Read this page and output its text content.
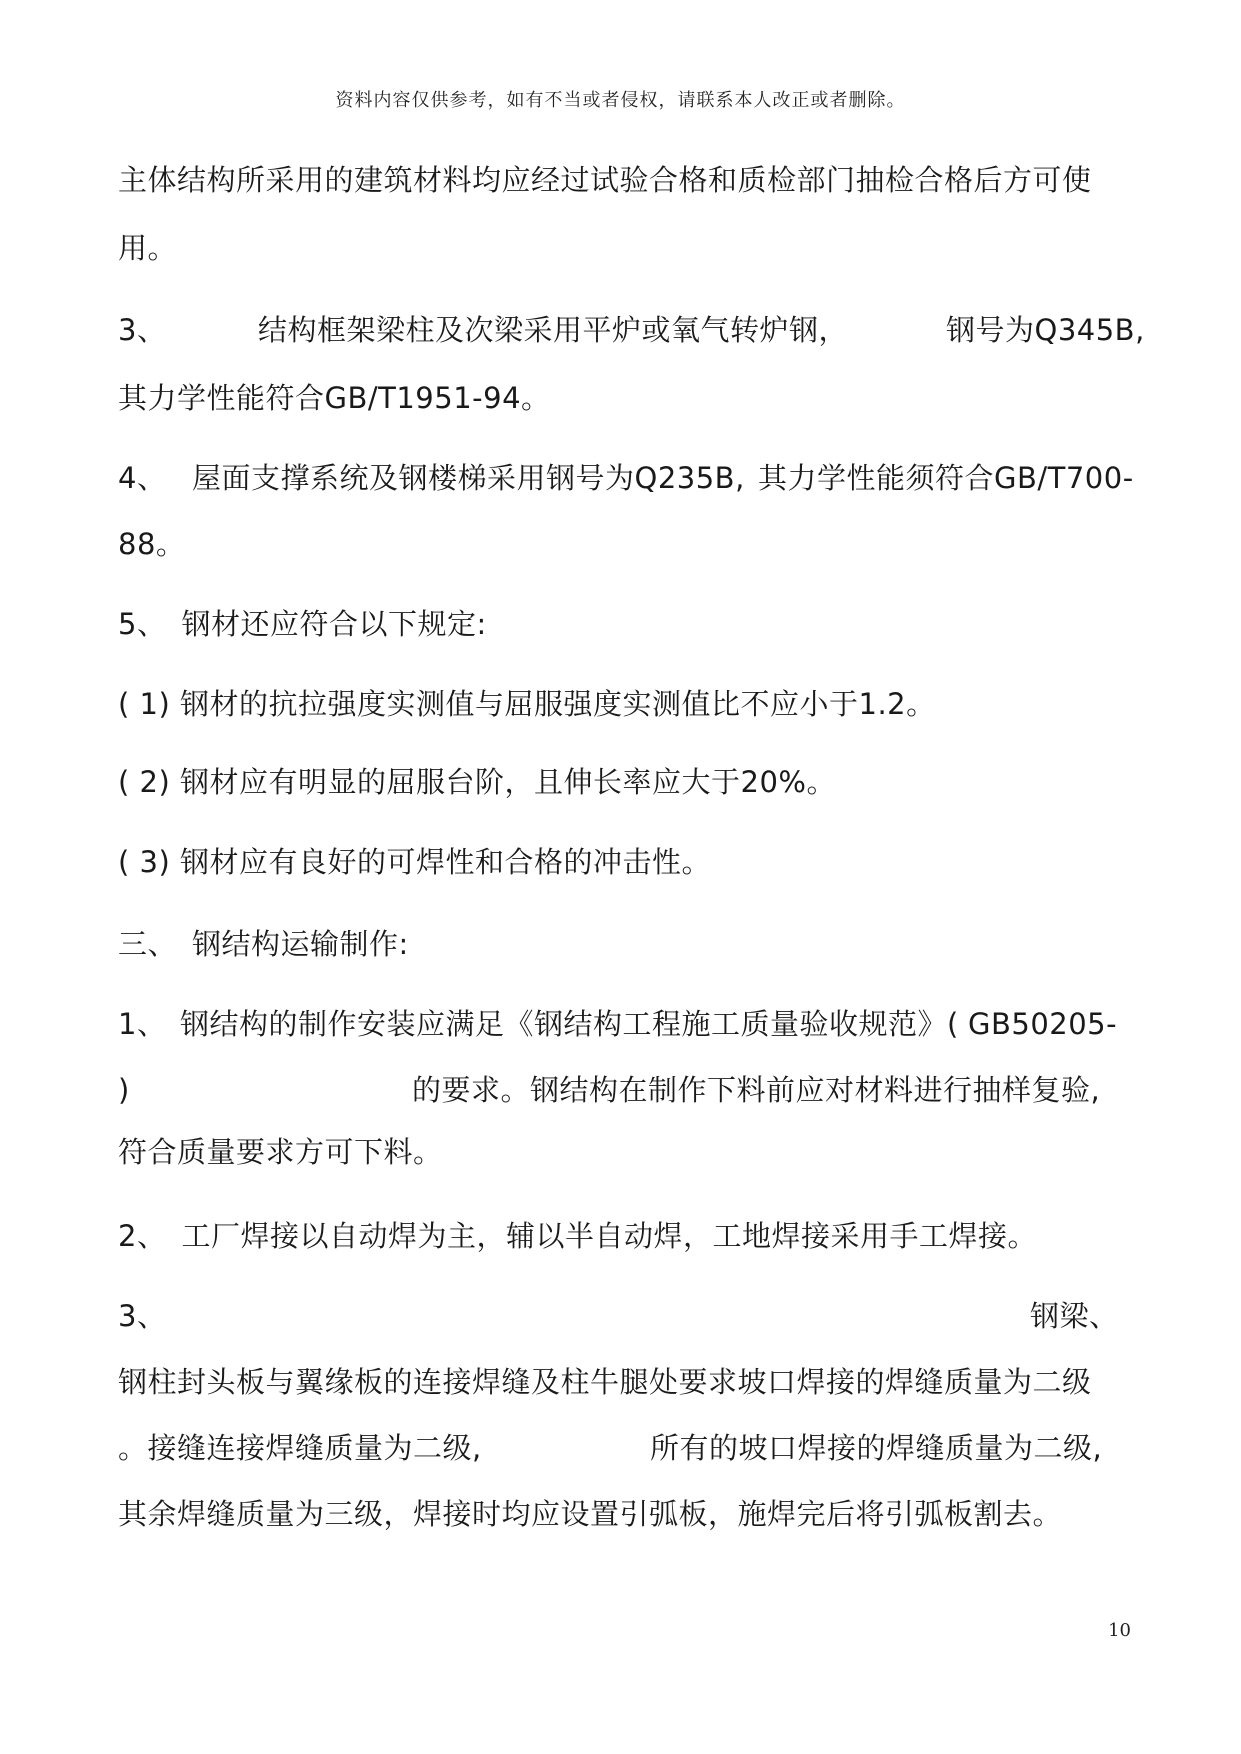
资料内容仅供参考，如有不当或者侵权，请联系本人改正或者删除。
主体结构所采用的建筑材料均应经过试验合格和质检部门抽检合格后方可使
用。
3、	结构框架梁柱及次梁采用平炉或氧气转炉钢，	钢号为Q345B,
其力学性能符合GB/T1951-94。
4、 屋面支撑系统及钢楼梯采用钢号为Q235B, 其力学性能须符合GB/T700-
88。
5、　钢材还应符合以下规定:
( 1) 钢材的抗拉强度实测值与屈服强度实测值比不应小于1.2。
( 2) 钢材应有明显的屈服台阶，且伸长率应大于20%。
( 3) 钢材应有良好的可焊性和合格的冲击性。
三、　钢结构运输制作:
1、 钢结构的制作安装应满足《钢结构工程施工质量验收规范》( GB50205-
)	的要求。钢结构在制作下料前应对材料进行抽样复验,
符合质量要求方可下料。
2、　工厂焊接以自动焊为主，辅以半自动焊，工地焊接采用手工焊接。
3、	钢梁、
钢柱封头板与翼缘板的连接焊缝及柱牛腿处要求坡口焊接的焊缝质量为二级
。接缝连接焊缝质量为二级,	所有的坡口焊接的焊缝质量为二级,
其余焊缝质量为三级，焊接时均应设置引弧板，施焊完后将引弧板割去。
10
